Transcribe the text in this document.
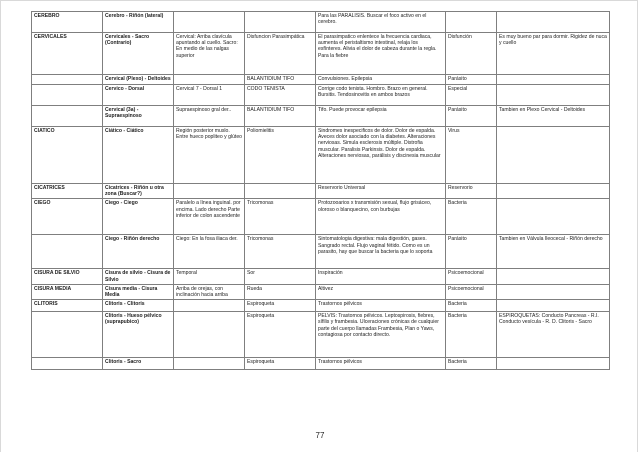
CEREBRO	Cerebro - Riñón (lateral)			Para las PARALISIS. Buscar el foco activo en el cerebro.		
CERVICALES	Cervicales - Sacro (Contrario)	Cervical: Arriba clavícula apuntando al cuello. Sacro: En medio de las nalgas superior	Disfuncion Parasimpática	El parasimpatico enlentece la frecuencia cardiaca, aumenta el peristaltismo intestinal, relaja los esfínteres. Alivia el dolor de cabeza durante la regla. Para la fiebre	Disfunción	Es muy bueno par para dormir. Rigidez de nuca y cuello
	Cervical (Plexo) - Deltoides		BALANTIDIUM TIFO	Convulsiones. Epilepsia	Parásito	
	Cervico - Dorsal	Cervical 7 - Dorsal 1	CODO TENISTA	Corrige codo tenista. Hombro. Brazo en general. Bursitis. Tendosinovitis en ambos brazos	Especial	
	Cervical (3a) - Supraespinoso	Supraespinoso gral der..	BALANTIDIUM TIFO	Tifo. Puede provocar epilepsia	Parásito	Tambien en Plexo Cervical - Deltoides
CIATICO	Ciático - Ciático	Región posterior muslo. Entre hueco popliteo y glúteo	Poliomielitis	Sindromes inespecificos de dolor. Dolor de espalda. Aveces dolor asociado con la diabetes. Alteraciones nerviosas. Simula esclerosis múltiple. Distrofia muscular. Paralisis Parkinsis. Dolor de espalda. Alteraciones nerviosas, parálisis y discinesia muscular	Virus	
CICATRICES	Cicatrices - Riñón u otra zona (Buscar?)			Reservorio Universal	Reservorio	
CIEGO	Ciego - Ciego	Paralelo a línea inguinal. por encima. Lado derecho Parte inferior de colon ascendente	Tricomonas	Protozooarios x transmisión sexual, flujo grisáceo, oloroso o blanquecino, con burbujas	Bacteria	
	Ciego - Riñón derecho	Ciego: En la fosa iliaca der.	Tricomonas	Sintomatologia digestiva: mala digestión, gases. Sangrado rectal. Flujo vaginal fétido. Como es un parasito, hay que buscar la bacteria que lo soporta	Parásito	Tambien en Válvula Ileocecal - Riñón derecho
CISURA DE SILVIO	Cisura de silvio - Cisura de Silvio	Temporal	Sor	Inspiración	Psicoemocional	
CISURA MEDIA	Cisura media - Cisura Media	Arriba de orejas, con inclinación hacia arriba	Rueda	Altivez	Psicoemocional	
CLITORIS	Clitoris - Clitoris		Espiroqueta	Trastornos pélvicos	Bacteria	
	Clitoris - Hueso pélvico (suprapubico)		Espiroqueta	PELVIS: Trastornos pélvicos. Leptospirosis, fiebres, sífilis y frambesia. Ulceraciones crónicas de cualquier parte del cuerpo llamadas Frambesia, Plan o Yaws, contagiosa por contacto directo.	Bacteria	ESPIROQUETAS: Conducto Pancreas - R.I. Conducto vesícula - R. D. Clitoris - Sacro
	Clitoris - Sacro		Espiroqueta	Trastornos pélvicos	Bacteria	
77
